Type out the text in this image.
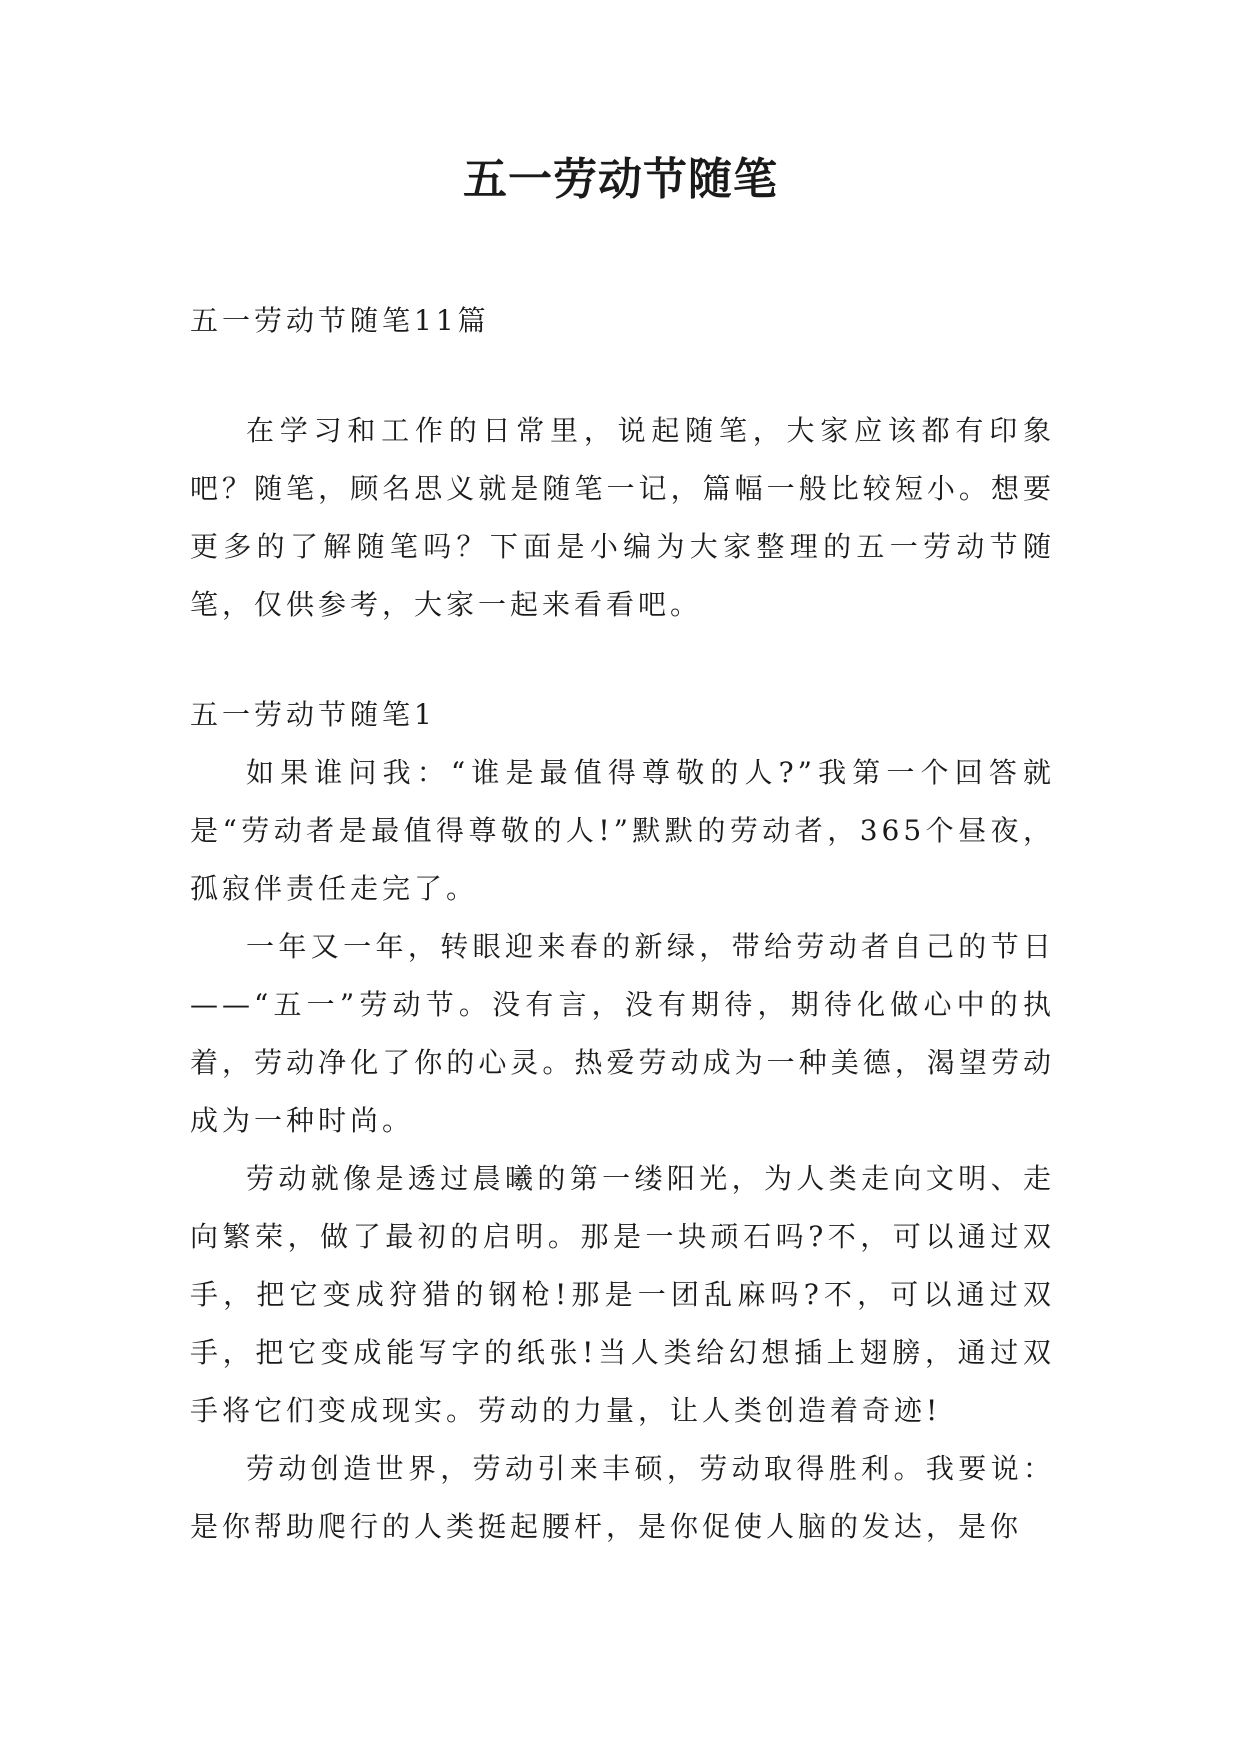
五一劳动节随笔

五一劳动节随笔11篇

在学习和工作的日常里，说起随笔，大家应该都有印象吧？随笔，顾名思义就是随笔一记，篇幅一般比较短小。想要更多的了解随笔吗？下面是小编为大家整理的五一劳动节随笔，仅供参考，大家一起来看看吧。

五一劳动节随笔1

如果谁问我：“谁是最值得尊敬的人?”我第一个回答就是“劳动者是最值得尊敬的人!”默默的劳动者，365个昼夜，孤寂伴责任走完了。

一年又一年，转眼迎来春的新绿，带给劳动者自己的节日——“五一”劳动节。没有言，没有期待，期待化做心中的执着，劳动净化了你的心灵。热爱劳动成为一种美德，渴望劳动成为一种时尚。

劳动就像是透过晨曦的第一缕阳光，为人类走向文明、走向繁荣，做了最初的启明。那是一块顽石吗?不，可以通过双手，把它变成狩猎的钢枪!那是一团乱麻吗?不，可以通过双手，把它变成能写字的纸张!当人类给幻想插上翅膀，通过双手将它们变成现实。劳动的力量，让人类创造着奇迹!

劳动创造世界，劳动引来丰硕，劳动取得胜利。我要说：是你帮助爬行的人类挺起腰杆，是你促使人脑的发达，是你
